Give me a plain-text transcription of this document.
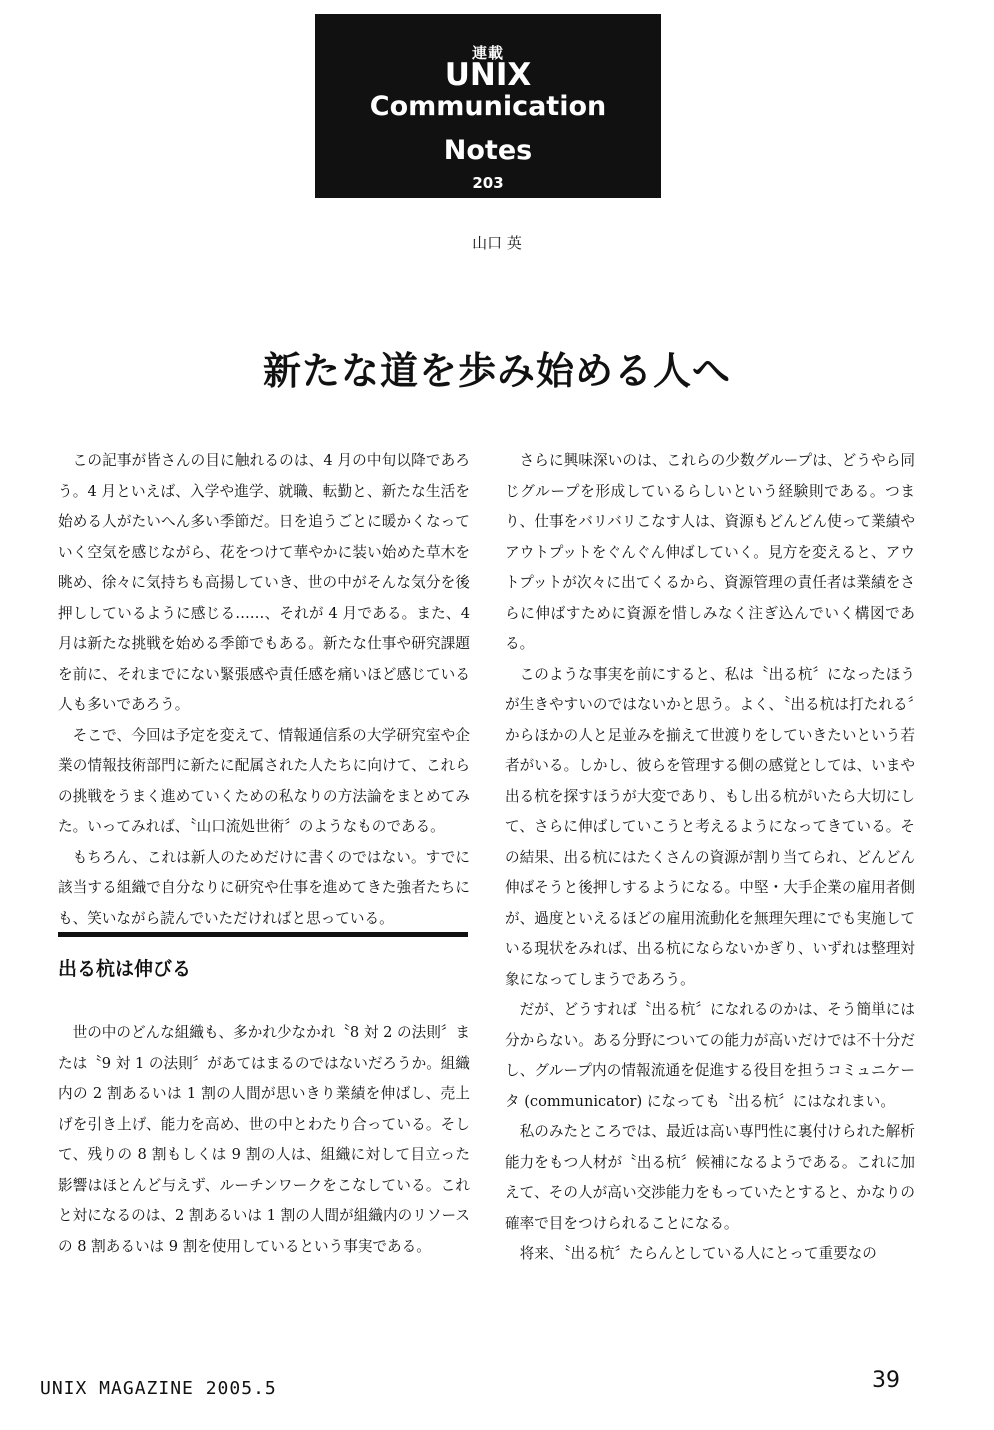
連載
UNIX
Communication
Notes
203
山口 英
新たな道を歩み始める人へ

この記事が皆さんの目に触れるのは、4 月の中旬以降であろう。4 月といえば、入学や進学、就職、転勤と、新たな生活を始める人がたいへん多い季節だ。日を追うごとに暖かくなっていく空気を感じながら、花をつけて華やかに装い始めた草木を眺め、徐々に気持ちも高揚していき、世の中がそんな気分を後押ししているように感じる……、それが 4 月である。また、4 月は新たな挑戦を始める季節でもある。新たな仕事や研究課題を前に、それまでにない緊張感や責任感を痛いほど感じている人も多いであろう。

そこで、今回は予定を変えて、情報通信系の大学研究室や企業の情報技術部門に新たに配属された人たちに向けて、これらの挑戦をうまく進めていくための私なりの方法論をまとめてみた。いってみれば、〝山口流処世術〞のようなものである。

もちろん、これは新人のためだけに書くのではない。すでに該当する組織で自分なりに研究や仕事を進めてきた強者たちにも、笑いながら読んでいただければと思っている。

出る杭は伸びる

世の中のどんな組織も、多かれ少なかれ〝8 対 2 の法則〞または〝9 対 1 の法則〞があてはまるのではないだろうか。組織内の 2 割あるいは 1 割の人間が思いきり業績を伸ばし、売上げを引き上げ、能力を高め、世の中とわたり合っている。そして、残りの 8 割もしくは 9 割の人は、組織に対して目立った影響はほとんど与えず、ルーチンワークをこなしている。これと対になるのは、2 割あるいは 1 割の人間が組織内のリソースの 8 割あるいは 9 割を使用しているという事実である。

さらに興味深いのは、これらの少数グループは、どうやら同じグループを形成しているらしいという経験則である。つまり、仕事をバリバリこなす人は、資源もどんどん使って業績やアウトプットをぐんぐん伸ばしていく。見方を変えると、アウトプットが次々に出てくるから、資源管理の責任者は業績をさらに伸ばすために資源を惜しみなく注ぎ込んでいく構図である。

このような事実を前にすると、私は〝出る杭〞になったほうが生きやすいのではないかと思う。よく、〝出る杭は打たれる〞からほかの人と足並みを揃えて世渡りをしていきたいという若者がいる。しかし、彼らを管理する側の感覚としては、いまや出る杭を探すほうが大変であり、もし出る杭がいたら大切にして、さらに伸ばしていこうと考えるようになってきている。その結果、出る杭にはたくさんの資源が割り当てられ、どんどん伸ばそうと後押しするようになる。中堅・大手企業の雇用者側が、過度といえるほどの雇用流動化を無理矢理にでも実施している現状をみれば、出る杭にならないかぎり、いずれは整理対象になってしまうであろう。

だが、どうすれば〝出る杭〞になれるのかは、そう簡単には分からない。ある分野についての能力が高いだけでは不十分だし、グループ内の情報流通を促進する役目を担うコミュニケータ (communicator) になっても〝出る杭〞にはなれまい。

私のみたところでは、最近は高い専門性に裏付けられた解析能力をもつ人材が〝出る杭〞候補になるようである。これに加えて、その人が高い交渉能力をもっていたとすると、かなりの確率で目をつけられることになる。

将来、〝出る杭〞たらんとしている人にとって重要なの

UNIX MAGAZINE 2005.5	39
